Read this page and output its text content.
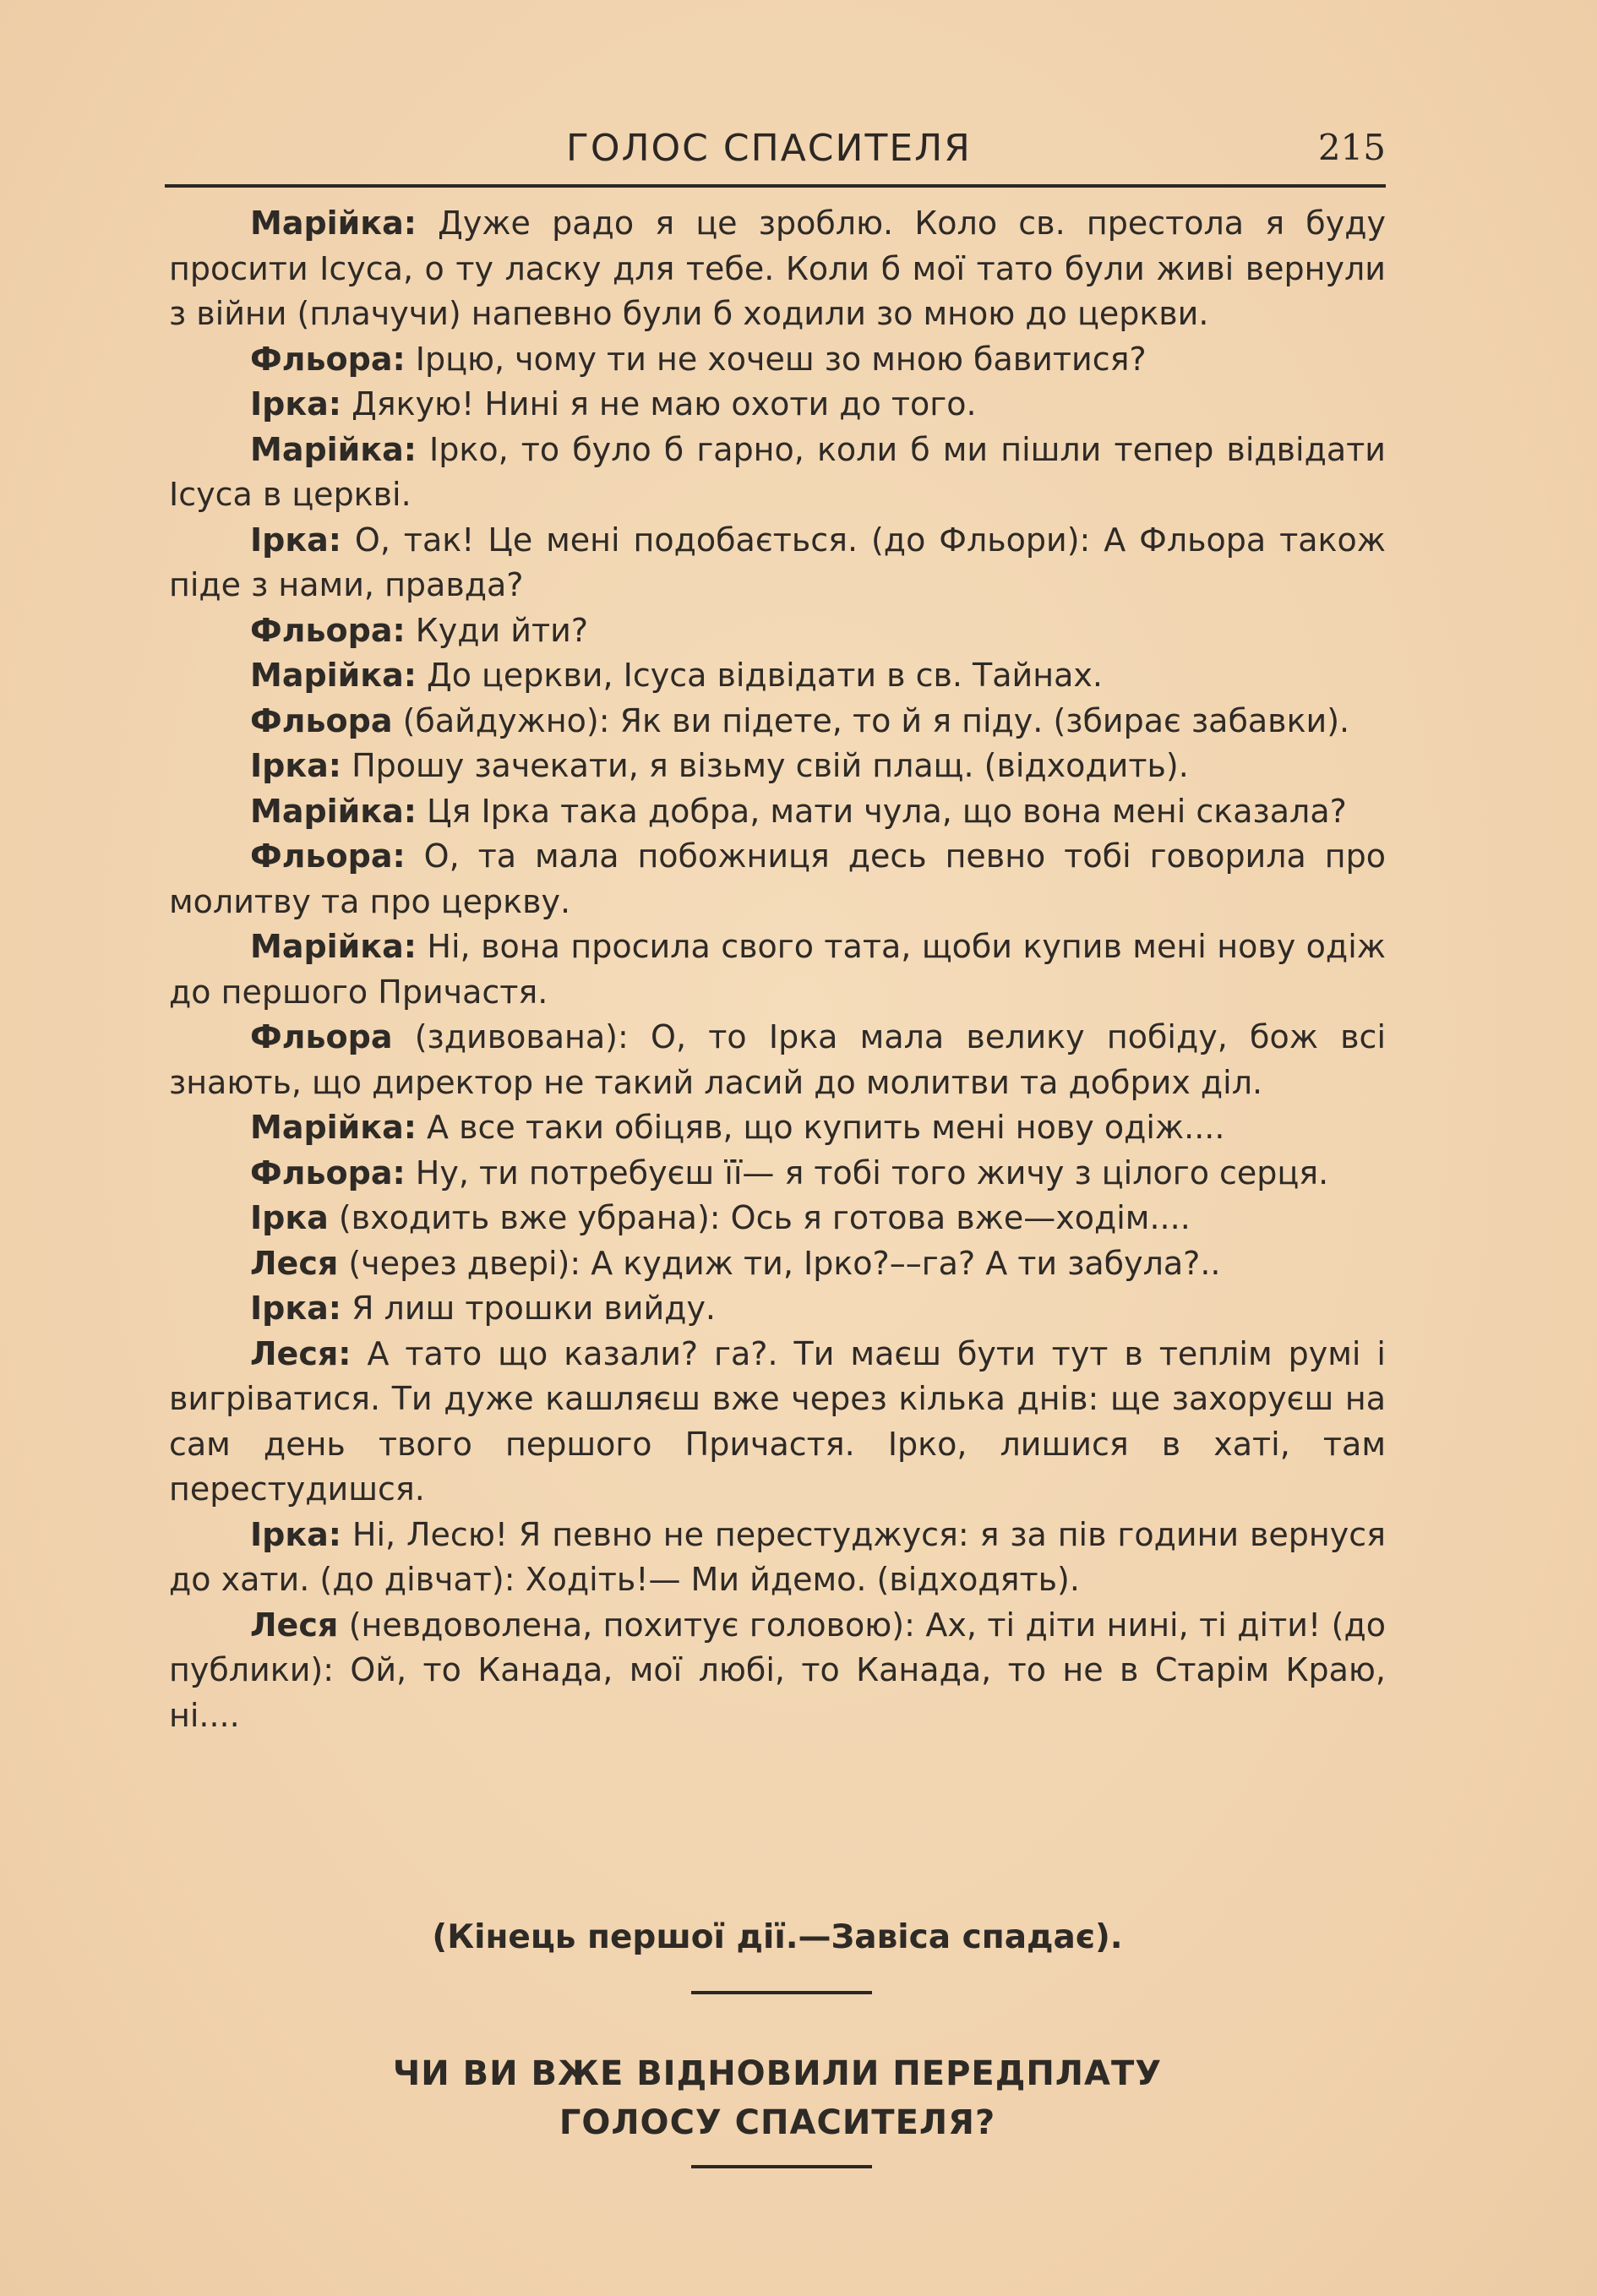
ГОЛОС СПАСИТЕЛЯ	215

Марійка: Дуже радо я це зроблю. Коло св. престола я буду просити Ісуса, о ту ласку для тебе. Коли б мої тато були живі вернули з війни (плачучи) напевно були б ходили зо мною до церкви.

Фльора: Ірцю, чому ти не хочеш зо мною бавитися?

Ірка: Дякую! Нині я не маю охоти до того.

Марійка: Ірко, то було б гарно, коли б ми пішли тепер відвідати Ісуса в церкві.

Ірка: О, так! Це мені подобається. (до Фльори): А Фльора також піде з нами, правда?

Фльора: Куди йти?

Марійка: До церкви, Ісуса відвідати в св. Тайнах.

Фльора (байдужно): Як ви підете, то й я піду. (збирає забавки).

Ірка: Прошу зачекати, я візьму свій плащ. (відходить).

Марійка: Ця Ірка така добра, мати чула, що вона мені сказала?

Фльора: О, та мала побожниця десь певно тобі говорила про молитву та про церкву.

Марійка: Ні, вона просила свого тата, щоби купив мені нову одіж до першого Причастя.

Фльора (здивована): О, то Ірка мала велику побіду, бож всі знають, що директор не такий ласий до молитви та добрих діл.

Марійка: А все таки обіцяв, що купить мені нову одіж....

Фльора: Ну, ти потребуєш її— я тобі того жичу з цілого серця.

Ірка (входить вже убрана): Ось я готова вже—ходім....

Леся (через двері): А кудиж ти, Ірко?––га? А ти забула?..

Ірка: Я лиш трошки вийду.

Леся: А тато що казали? га?. Ти маєш бути тут в теплім румі і вигріватися. Ти дуже кашляєш вже через кілька днів: ще захоруєш на сам день твого першого Причастя. Ірко, лишися в хаті, там перестудишся.

Ірка: Ні, Лесю! Я певно не перестуджуся: я за пів години вернуся до хати. (до дівчат): Ходіть!— Ми йдемо. (відходять).

Леся (невдоволена, похитує головою): Ах, ті діти нині, ті діти! (до публики): Ой, то Канада, мої любі, то Канада, то не в Старім Краю, ні....

(Кінець першої дії.—Завіса спадає).
ЧИ ВИ ВЖЕ ВІДНОВИЛИ ПЕРЕДПЛАТУ
ГОЛОСУ СПАСИТЕЛЯ?
